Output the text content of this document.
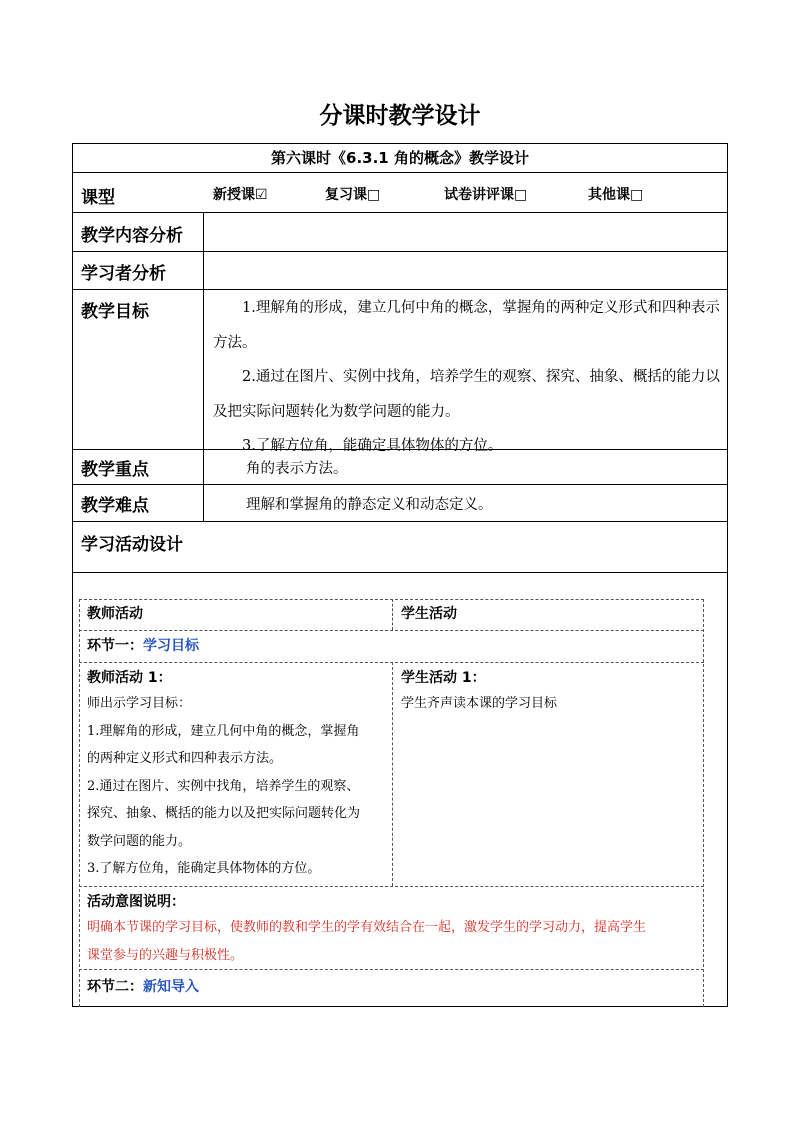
分课时教学设计
第六课时《6.3.1 角的概念》教学设计
课型	新授课☑	复习课□	试卷讲评课□	其他课□
教学内容分析
学习者分析
教学目标	1.理解角的形成，建立几何中角的概念，掌握角的两种定义形式和四种表示方法。

2.通过在图片、实例中找角，培养学生的观察、探究、抽象、概括的能力以及把实际问题转化为数学问题的能力。

3.了解方位角，能确定具体物体的方位。

教学重点	角的表示方法。
教学难点	理解和掌握角的静态定义和动态定义。
学习活动设计
教师活动	学生活动
环节一：学习目标
教师活动 1：
师出示学习目标：
1.理解角的形成，建立几何中角的概念，掌握角
的两种定义形式和四种表示方法。
2.通过在图片、实例中找角，培养学生的观察、
探究、抽象、概括的能力以及把实际问题转化为
数学问题的能力。
3.了解方位角，能确定具体物体的方位。
学生活动 1：
学生齐声读本课的学习目标
活动意图说明：
明确本节课的学习目标，使教师的教和学生的学有效结合在一起，激发学生的学习动力，提高学生
课堂参与的兴趣与积极性。
环节二：新知导入
